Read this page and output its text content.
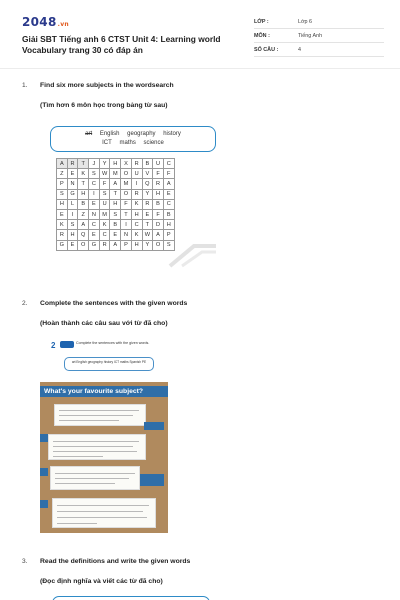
2048.vn
Giải SBT Tiếng anh 6 CTST Unit 4: Learning world Vocabulary trang 30 có đáp án
LỚP :	Lớp 6
MÔN :	Tiếng Anh
SỐ CÂU :	4
1. Find six more subjects in the wordsearch
(Tìm hơn 6 môn học trong bảng từ sau)
art English geography history
ICT maths science
A	R	T	J	Y	H	X	R	B	U	C
Z	E	K	S	W	M	O	U	V	F	F
P	N	T	C	F	A	M	I	Q	R	A
S	G	H	I	S	T	O	R	Y	H	E
H	L	B	E	U	H	F	K	R	B	C
E	I	Z	N	M	S	T	H	E	F	B
K	S	A	C	K	B	I	C	T	D	H
R	H	Q	E	C	E	N	K	W	A	P
G	E	O	G	R	A	P	H	Y	O	S
2. Complete the sentences with the given words
(Hoàn thành các câu sau với từ đã cho)
2	Complete the sentences with the given words.
art English geography history ICT maths Spanish PE
What's your favourite subject?
3. Read the definitions and write the given words
(Đọc định nghĩa và viết các từ đã cho)
